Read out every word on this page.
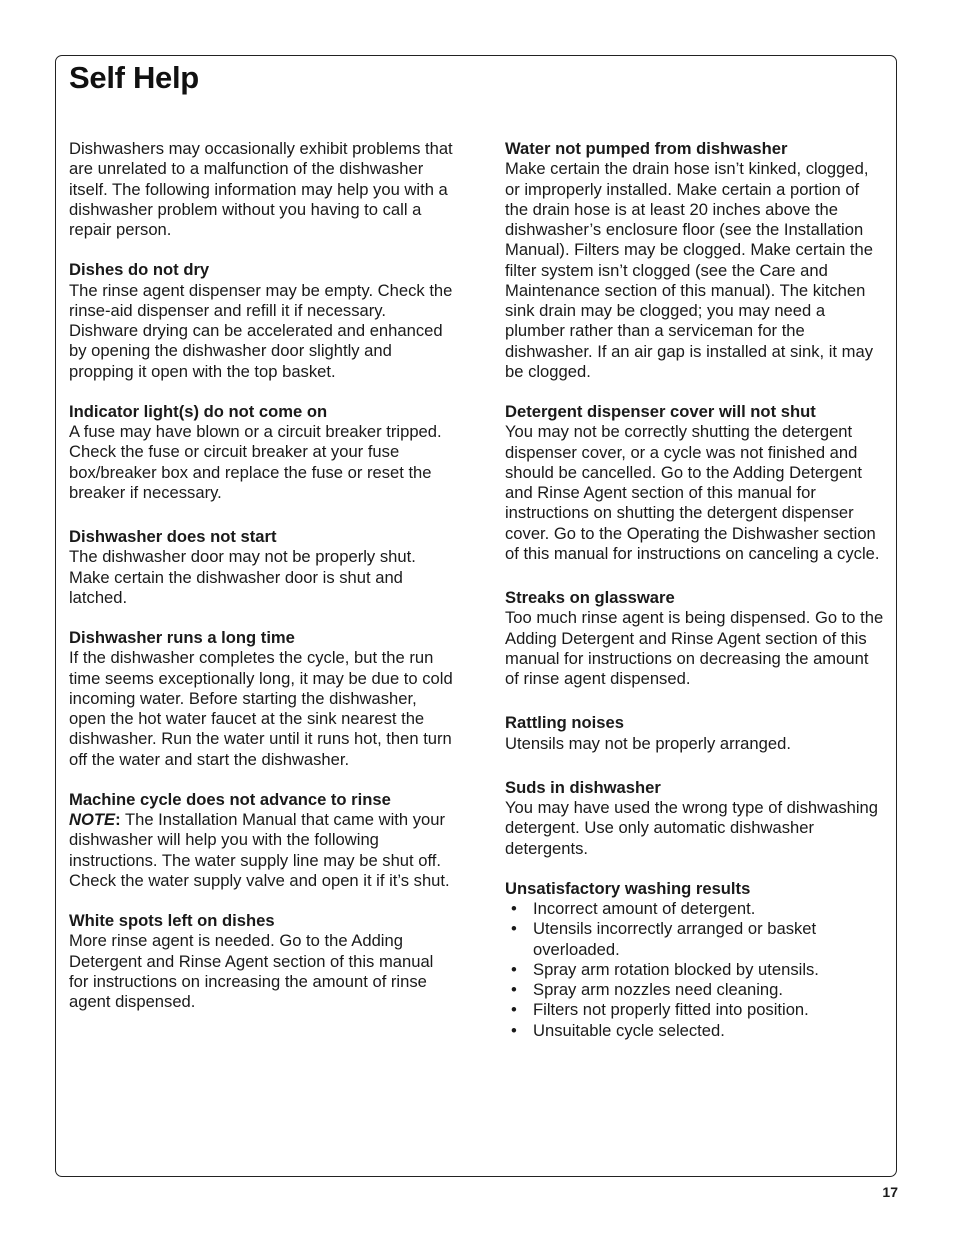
Self Help

Dishwashers may occasionally exhibit problems that are unrelated to a malfunction of the dishwasher itself. The following information may help you with a dishwasher problem without you having to call a repair person.

Dishes do not dry

The rinse agent dispenser may be empty. Check the rinse-aid dispenser and refill it if necessary. Dishware drying can be accelerated and enhanced by opening the dishwasher door slightly and propping it open with the top basket.

Indicator light(s) do not come on

A fuse may have blown or a circuit breaker tripped. Check the fuse or circuit breaker at your fuse box/breaker box and replace the fuse or reset the breaker if necessary.

Dishwasher does not start

The dishwasher door may not be properly shut. Make certain the dishwasher door is shut and latched.

Dishwasher runs a long time

If the dishwasher completes the cycle, but the run time seems exceptionally long, it may be due to cold incoming water. Before starting the dishwasher, open the hot water faucet at the sink nearest the dishwasher. Run the water until it runs hot, then turn off the water and start the dishwasher.

Machine cycle does not advance to rinse

NOTE: The Installation Manual that came with your dishwasher will help you with the following instructions. The water supply line may be shut off. Check the water supply valve and open it if it’s shut.

White spots left on dishes

More rinse agent is needed. Go to the Adding Detergent and Rinse Agent section of this manual for instructions on increasing the amount of rinse agent dispensed.

Water not pumped from dishwasher

Make certain the drain hose isn’t kinked, clogged, or improperly installed. Make certain a portion of the drain hose is at least 20 inches above the dishwasher’s enclosure floor (see the Installation Manual). Filters may be clogged. Make certain the filter system isn’t clogged (see the Care and Maintenance section of this manual). The kitchen sink drain may be clogged; you may need a plumber rather than a serviceman for the dishwasher. If an air gap is installed at sink, it may be clogged.

Detergent dispenser cover will not shut

You may not be correctly shutting the detergent dispenser cover, or a cycle was not finished and should be cancelled. Go to the Adding Detergent and Rinse Agent section of this manual for instructions on shutting the detergent dispenser cover. Go to the Operating the Dishwasher section of this manual for instructions on canceling a cycle.

Streaks on glassware

Too much rinse agent is being dispensed. Go to the Adding Detergent and Rinse Agent section of this manual for instructions on decreasing the amount of rinse agent dispensed.

Rattling noises

Utensils may not be properly arranged.

Suds in dishwasher

You may have used the wrong type of dishwashing detergent. Use only automatic dishwasher detergents.

Unsatisfactory washing results

• Incorrect amount of detergent.
• Utensils incorrectly arranged or basket overloaded.
• Spray arm rotation blocked by utensils.
• Spray arm nozzles need cleaning.
• Filters not properly fitted into position.
• Unsuitable cycle selected.
17
